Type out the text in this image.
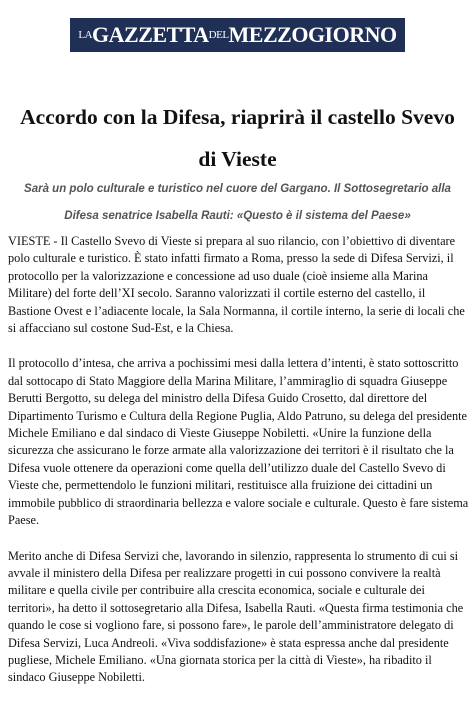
LA GAZZETTA DEL MEZZOGIORNO
Accordo con la Difesa, riaprirà il castello Svevo di Vieste

Sarà un polo culturale e turistico nel cuore del Gargano. Il Sottosegretario alla Difesa senatrice Isabella Rauti: «Questo è il sistema del Paese»

VIESTE - Il Castello Svevo di Vieste si prepara al suo rilancio, con l’obiettivo di diventare polo culturale e turistico. È stato infatti firmato a Roma, presso la sede di Difesa Servizi, il protocollo per la valorizzazione e concessione ad uso duale (cioè insieme alla Marina Militare) del forte dell’XI secolo. Saranno valorizzati il cortile esterno del castello, il Bastione Ovest e l’adiacente locale, la Sala Normanna, il cortile interno, la serie di locali che si affacciano sul costone Sud-Est, e la Chiesa.

Il protocollo d’intesa, che arriva a pochissimi mesi dalla lettera d’intenti, è stato sottoscritto dal sottocapo di Stato Maggiore della Marina Militare, l’ammiraglio di squadra Giuseppe Berutti Bergotto, su delega del ministro della Difesa Guido Crosetto, dal direttore del Dipartimento Turismo e Cultura della Regione Puglia, Aldo Patruno, su delega del presidente Michele Emiliano e dal sindaco di Vieste Giuseppe Nobiletti. «Unire la funzione della sicurezza che assicurano le forze armate alla valorizzazione dei territori è il risultato che la Difesa vuole ottenere da operazioni come quella dell’utilizzo duale del Castello Svevo di Vieste che, permettendolo le funzioni militari, restituisce alla fruizione dei cittadini un immobile pubblico di straordinaria bellezza e valore sociale e culturale. Questo è fare sistema Paese.

Merito anche di Difesa Servizi che, lavorando in silenzio, rappresenta lo strumento di cui si avvale il ministero della Difesa per realizzare progetti in cui possono convivere la realtà militare e quella civile per contribuire alla crescita economica, sociale e culturale dei territori», ha detto il sottosegretario alla Difesa, Isabella Rauti. «Questa firma testimonia che quando le cose si vogliono fare, si possono fare», le parole dell’amministratore delegato di Difesa Servizi, Luca Andreoli. «Viva soddisfazione» è stata espressa anche dal presidente pugliese, Michele Emiliano. «Una giornata storica per la città di Vieste», ha ribadito il sindaco Giuseppe Nobiletti.
